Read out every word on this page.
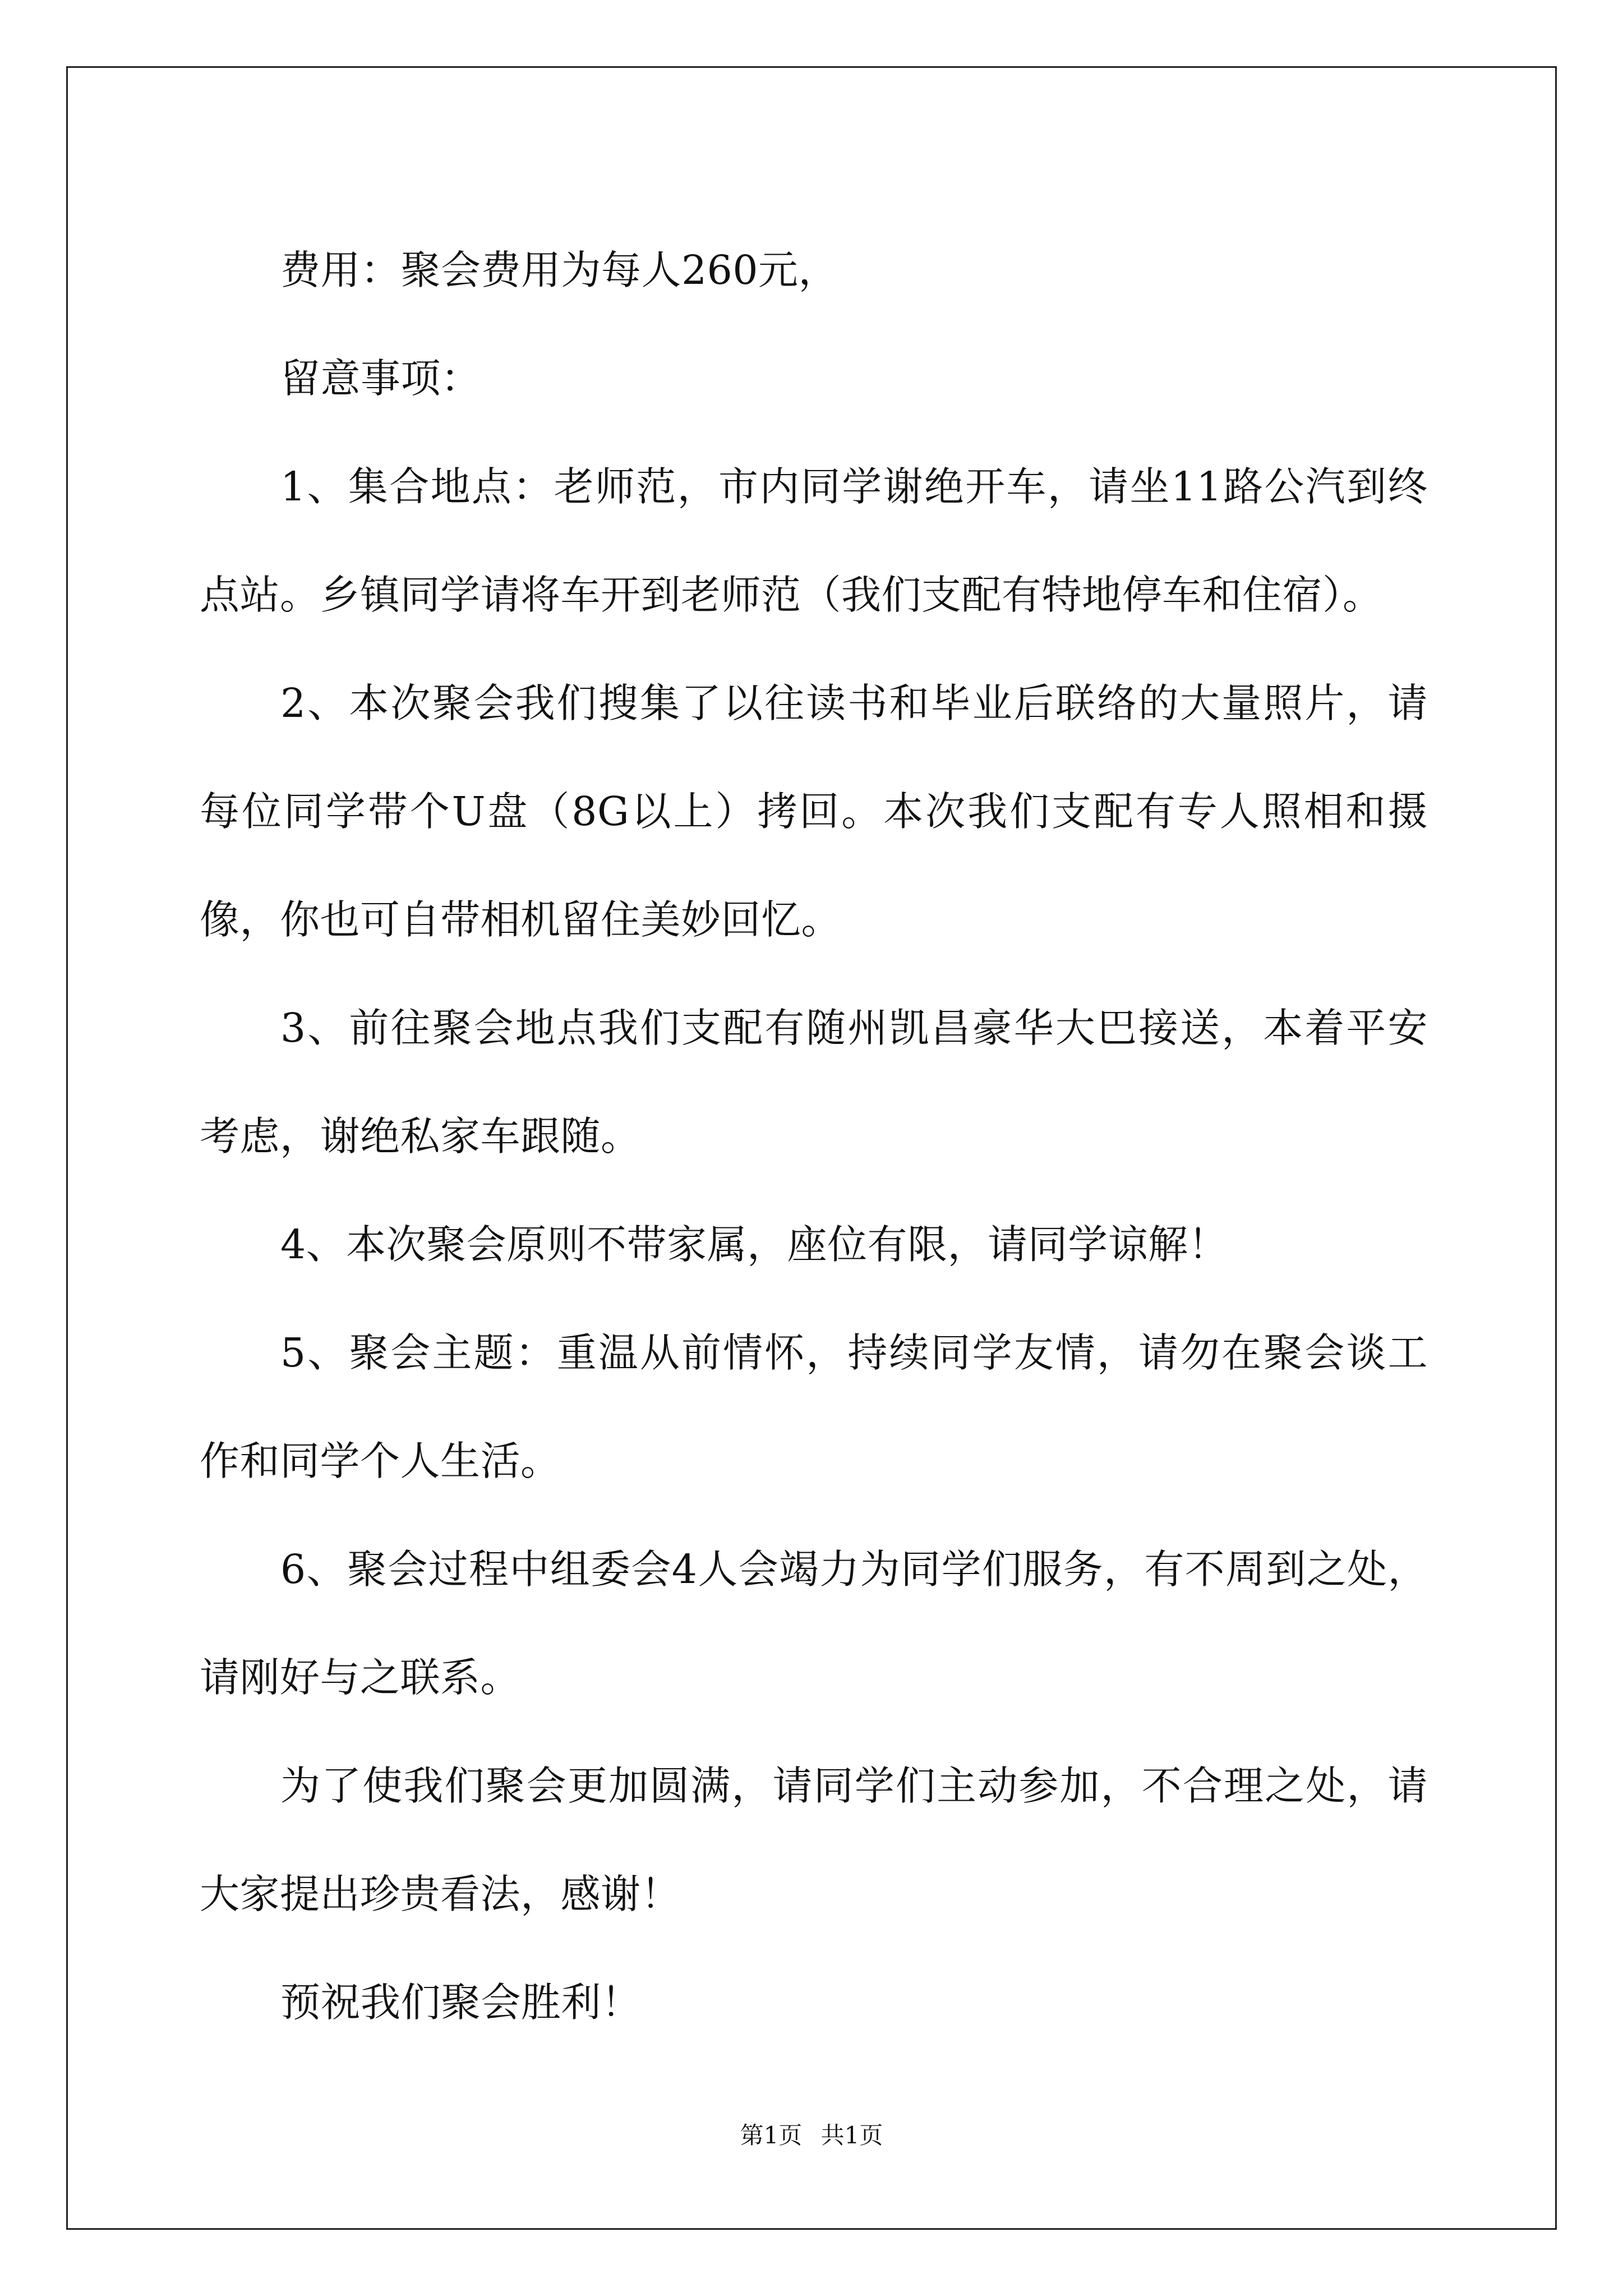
费用：聚会费用为每人260元，

留意事项：

1、集合地点：老师范，市内同学谢绝开车，请坐11路公汽到终点站。乡镇同学请将车开到老师范（我们支配有特地停车和住宿）。

2、本次聚会我们搜集了以往读书和毕业后联络的大量照片，请每位同学带个U盘（8G以上）拷回。本次我们支配有专人照相和摄像，你也可自带相机留住美妙回忆。

3、前往聚会地点我们支配有随州凯昌豪华大巴接送，本着平安考虑，谢绝私家车跟随。

4、本次聚会原则不带家属，座位有限，请同学谅解！

5、聚会主题：重温从前情怀，持续同学友情，请勿在聚会谈工作和同学个人生活。

6、聚会过程中组委会4人会竭力为同学们服务，有不周到之处，请刚好与之联系。

为了使我们聚会更加圆满，请同学们主动参加，不合理之处，请大家提出珍贵看法，感谢！

预祝我们聚会胜利！

第1页 共1页
